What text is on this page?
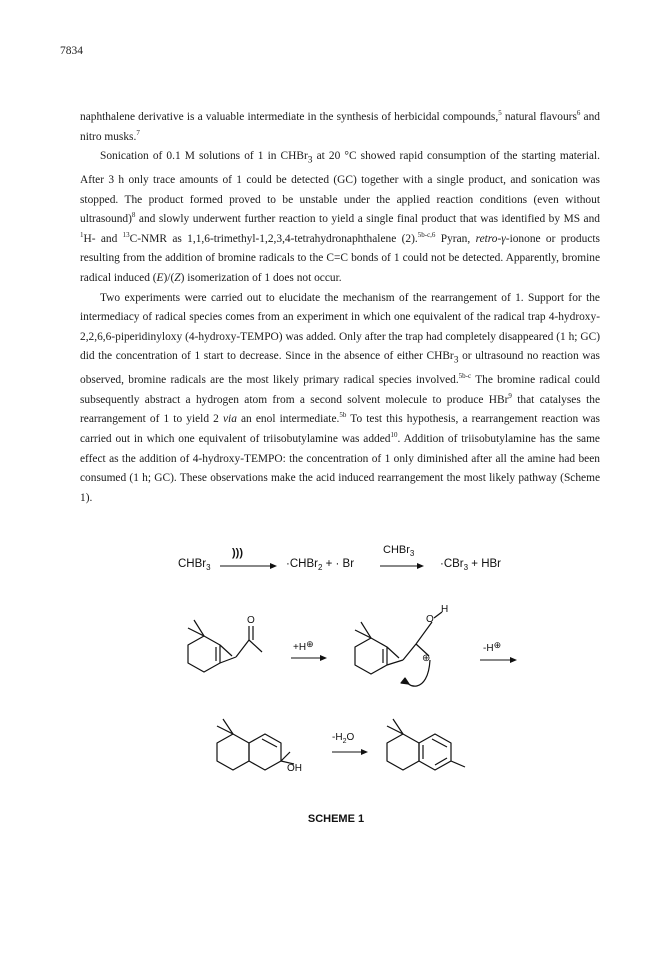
7834

naphthalene derivative is a valuable intermediate in the synthesis of herbicidal compounds,$^5$ natural flavours$^6$ and nitro musks.$^7$

Sonication of 0.1 M solutions of 1 in CHBr$_3$ at 20 °C showed rapid consumption of the starting material. After 3 h only trace amounts of 1 could be detected (GC) together with a single product, and sonication was stopped. The product formed proved to be unstable under the applied reaction conditions (even without ultrasound)$^8$ and slowly underwent further reaction to yield a single final product that was identified by MS and $^1$H- and $^{13}$C-NMR as 1,1,6-trimethyl-1,2,3,4-tetrahydronaphthalene (2).$^{5b-c,6}$ Pyran, retro-γ-ionone or products resulting from the addition of bromine radicals to the C=C bonds of 1 could not be detected. Apparently, bromine radical induced (E)/(Z) isomerization of 1 does not occur.

Two experiments were carried out to elucidate the mechanism of the rearrangement of 1. Support for the intermediacy of radical species comes from an experiment in which one equivalent of the radical trap 4-hydroxy-2,2,6,6-piperidinyloxy (4-hydroxy-TEMPO) was added. Only after the trap had completely disappeared (1 h; GC) did the concentration of 1 start to decrease. Since in the absence of either CHBr$_3$ or ultrasound no reaction was observed, bromine radicals are the most likely primary radical species involved.$^{5b-c}$ The bromine radical could subsequently abstract a hydrogen atom from a second solvent molecule to produce HBr$^9$ that catalyses the rearrangement of 1 to yield 2 via an enol intermediate.$^{5b}$ To test this hypothesis, a rearrangement reaction was carried out in which one equivalent of triisobutylamine was added$^{10}$. Addition of triisobutylamine has the same effect as the addition of 4-hydroxy-TEMPO: the concentration of 1 only diminished after all the amine had been consumed (1 h; GC). These observations make the acid induced rearrangement the most likely pathway (Scheme 1).

CHBr$_3$
)))
·CHBr$_2$ + · Br
CHBr$_3$
·CBr$_3$ + HBr
O
+H⊕
O
H
⊕
-H⊕
OH
$-H_2O$
SCHEME 1
